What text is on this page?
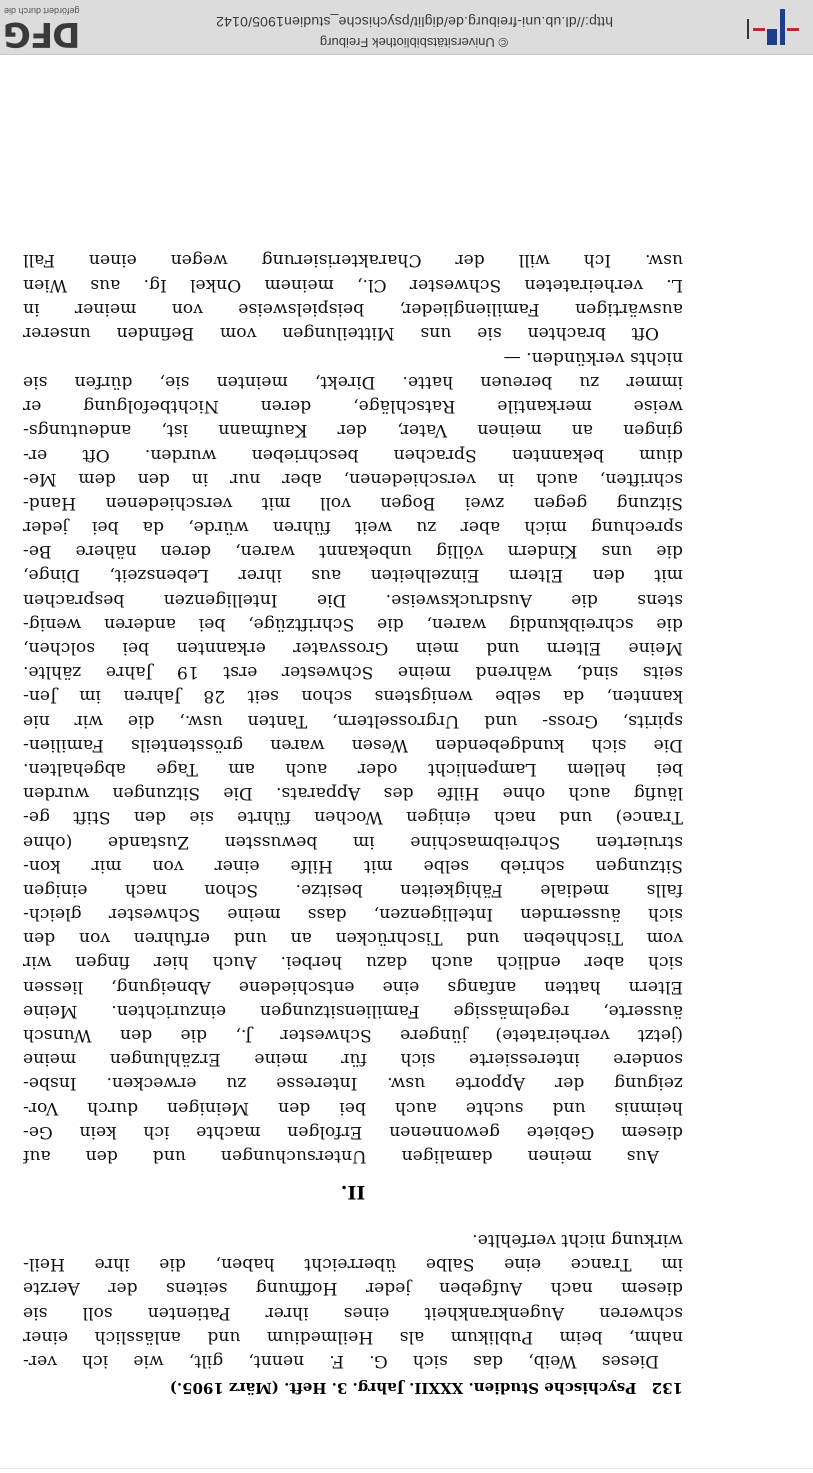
132 Psychische Studien. XXXII. Jahrg. 3. Heft. (März 1905.)
Dieses Weib, das sich G. F. nennt, gilt, wie ich ver-
nahm, beim Publikum als Heilmedium und anlässlich einer
schweren Augenkrankheit eines ihrer Patienten soll sie
diesem nach Aufgeben jeder Hoffnung seitens der Aerzte
im Trance eine Salbe überreicht haben, die ihre Heil-
wirkung nicht verfehlte.
II.
Aus meinen damaligen Untersuchungen und den auf
diesem Gebiete gewonnenen Erfolgen machte ich kein Ge-
heimnis und suchte auch bei den Meinigen durch Vor-
zeigung der Apporte usw. Interesse zu erwecken. Insbe-
sondere interessierte sich für meine Erzählungen meine
(jetzt verheiratete) jüngere Schwester J., die den Wunsch
äusserte, regelmässige Familiensitzungen einzurichten. Meine
Eltern hatten anfangs eine entschiedene Abneigung, liessen
sich aber endlich auch dazu herbei. Auch hier fingen wir
vom Tischheben und Tischrücken an und erfuhren von den
sich äussernden Intelligenzen, dass meine Schwester gleich-
falls mediale Fähigkeiten besitze. Schon nach einigen
Sitzungen schrieb selbe mit Hilfe einer von mir kon-
struierten Schreibmaschine im bewussten Zustande (ohne
Trance) und nach einigen Wochen führte sie den Stift ge-
läufig auch ohne Hilfe des Apparats. Die Sitzungen wurden
bei hellem Lampenlicht oder auch am Tage abgehalten.
Die sich kundgebenden Wesen waren grösstenteils Familien-
spirits, Gross- und Urgrosseltern, Tanten usw., die wir nie
kannten, da selbe wenigstens schon seit 28 Jahren im Jen-
seits sind, während meine Schwester erst 19 Jahre zählte.
Meine Eltern und mein Grossvater erkannten bei solchen,
die schreibkundig waren, die Schriftzüge, bei anderen wenig-
stens die Ausdrucksweise. Die Intelligenzen besprachen
mit den Eltern Einzelheiten aus ihrer Lebenszeit, Dinge,
die uns Kindern völlig unbekannt waren, deren nähere Be-
sprechung mich aber zu weit führen würde, da bei jeder
Sitzung gegen zwei Bogen voll mit verschiedenen Hand-
schriften, auch in verschiedenen, aber nur in den dem Me-
dium bekannten Sprachen beschrieben wurden. Oft er-
gingen an meinen Vater, der Kaufmann ist, andeutungs-
weise merkantile Ratschläge, deren Nichtbefolgung er
immer zu bereuen hatte. Direkt, meinten sie, dürfen sie
nichts verkünden. —
Oft brachten sie uns Mitteilungen vom Befinden unserer
auswärtigen Familienglieder, beispielsweise von meiner in
L. verheirateten Schwester Cl., meinem Onkel Ig. aus Wien
usw. Ich will der Charakterisierung wegen einen Fall
http://dl.ub.uni-freiburg.de/diglit/psychische_studien1905/0142
© Universitätsbibliothek Freiburg
DFG
gefördert durch die
